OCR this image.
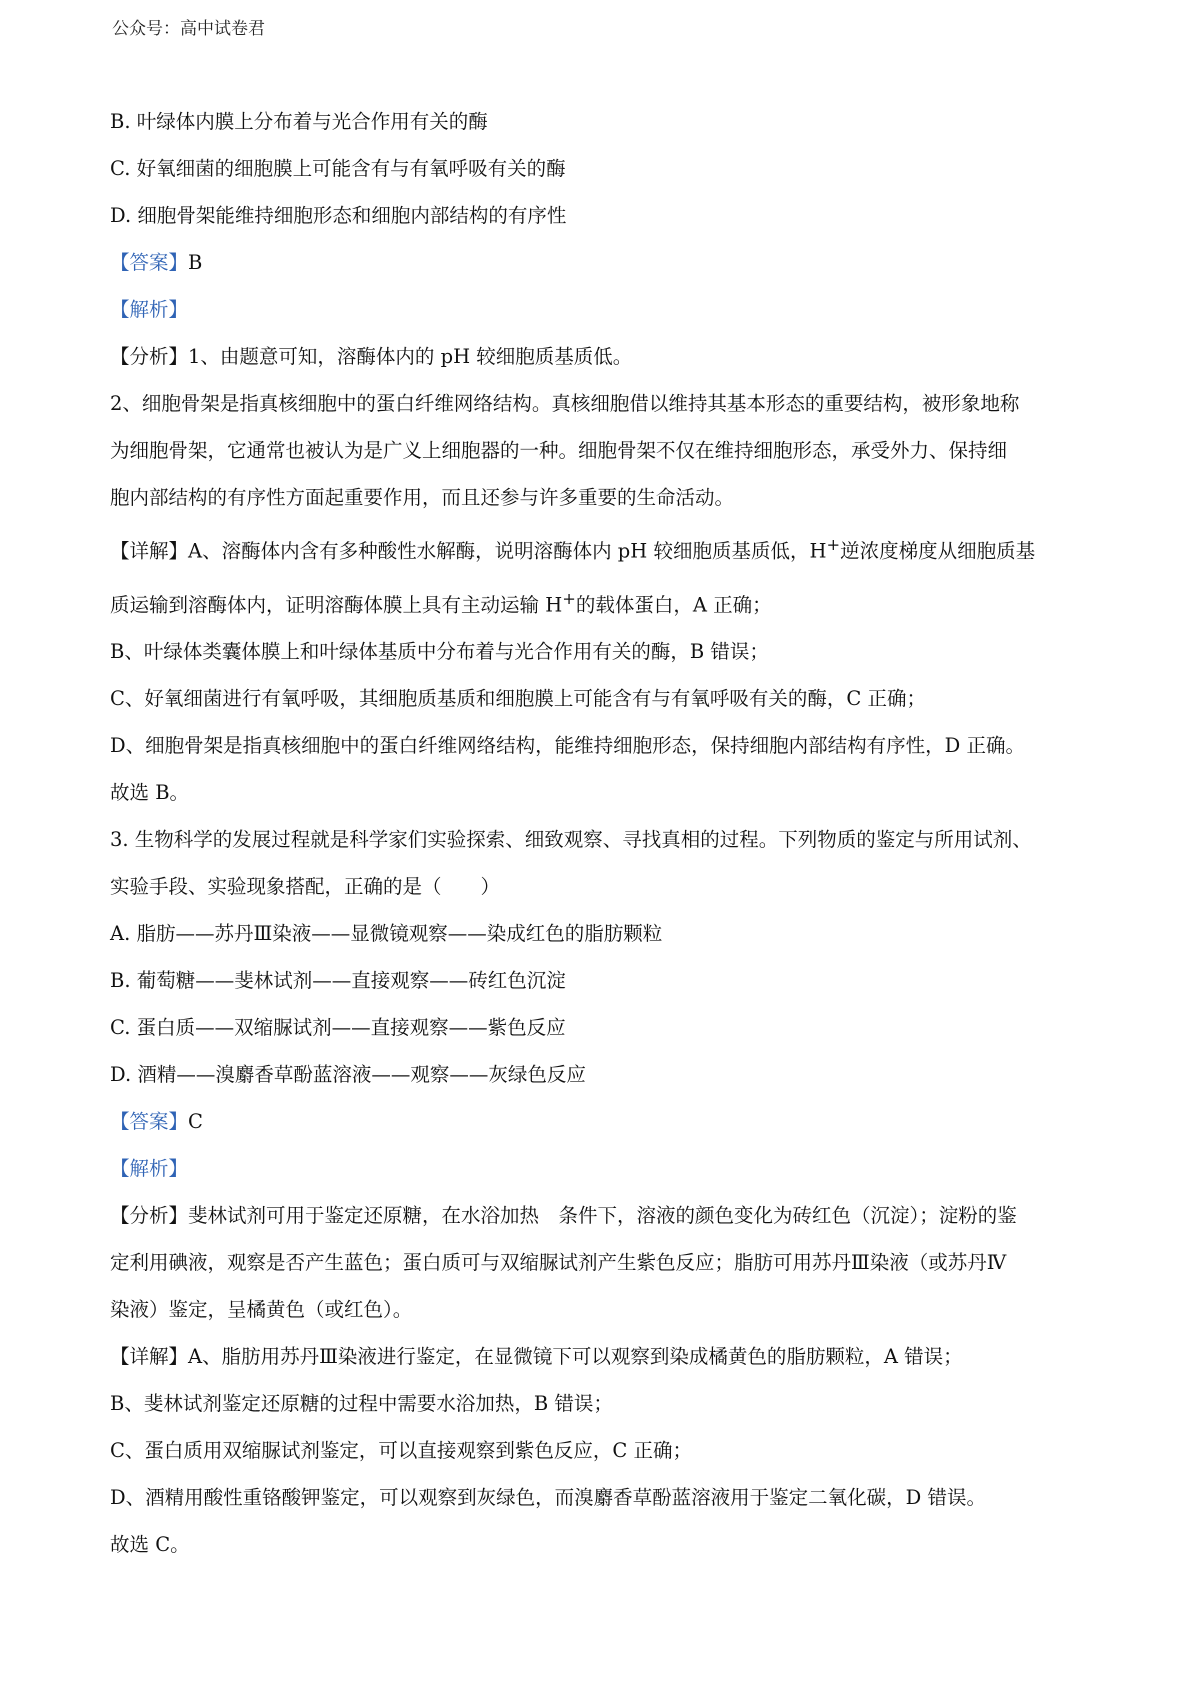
公众号：高中试卷君
B. 叶绿体内膜上分布着与光合作用有关的酶
C. 好氧细菌的细胞膜上可能含有与有氧呼吸有关的酶
D. 细胞骨架能维持细胞形态和细胞内部结构的有序性
【答案】B
【解析】
【分析】1、由题意可知，溶酶体内的 pH 较细胞质基质低。
2、细胞骨架是指真核细胞中的蛋白纤维网络结构。真核细胞借以维持其基本形态的重要结构，被形象地称
为细胞骨架，它通常也被认为是广义上细胞器的一种。细胞骨架不仅在维持细胞形态，承受外力、保持细
胞内部结构的有序性方面起重要作用，而且还参与许多重要的生命活动。
【详解】A、溶酶体内含有多种酸性水解酶，说明溶酶体内 pH 较细胞质基质低，H+逆浓度梯度从细胞质基
质运输到溶酶体内，证明溶酶体膜上具有主动运输 H+的载体蛋白，A 正确；
B、叶绿体类囊体膜上和叶绿体基质中分布着与光合作用有关的酶，B 错误；
C、好氧细菌进行有氧呼吸，其细胞质基质和细胞膜上可能含有与有氧呼吸有关的酶，C 正确；
D、细胞骨架是指真核细胞中的蛋白纤维网络结构，能维持细胞形态，保持细胞内部结构有序性，D 正确。
故选 B。
3. 生物科学的发展过程就是科学家们实验探索、细致观察、寻找真相的过程。下列物质的鉴定与所用试剂、
实验手段、实验现象搭配，正确的是（　　）
A. 脂肪——苏丹Ⅲ染液——显微镜观察——染成红色的脂肪颗粒
B. 葡萄糖——斐林试剂——直接观察——砖红色沉淀
C. 蛋白质——双缩脲试剂——直接观察——紫色反应
D. 酒精——溴麝香草酚蓝溶液——观察——灰绿色反应
【答案】C
【解析】
【分析】斐林试剂可用于鉴定还原糖，在水浴加热　条件下，溶液的颜色变化为砖红色（沉淀）；淀粉的鉴
定利用碘液，观察是否产生蓝色；蛋白质可与双缩脲试剂产生紫色反应；脂肪可用苏丹Ⅲ染液（或苏丹Ⅳ
染液）鉴定，呈橘黄色（或红色）。
【详解】A、脂肪用苏丹Ⅲ染液进行鉴定，在显微镜下可以观察到染成橘黄色的脂肪颗粒，A 错误；
B、斐林试剂鉴定还原糖的过程中需要水浴加热，B 错误；
C、蛋白质用双缩脲试剂鉴定，可以直接观察到紫色反应，C 正确；
D、酒精用酸性重铬酸钾鉴定，可以观察到灰绿色，而溴麝香草酚蓝溶液用于鉴定二氧化碳，D 错误。
故选 C。
